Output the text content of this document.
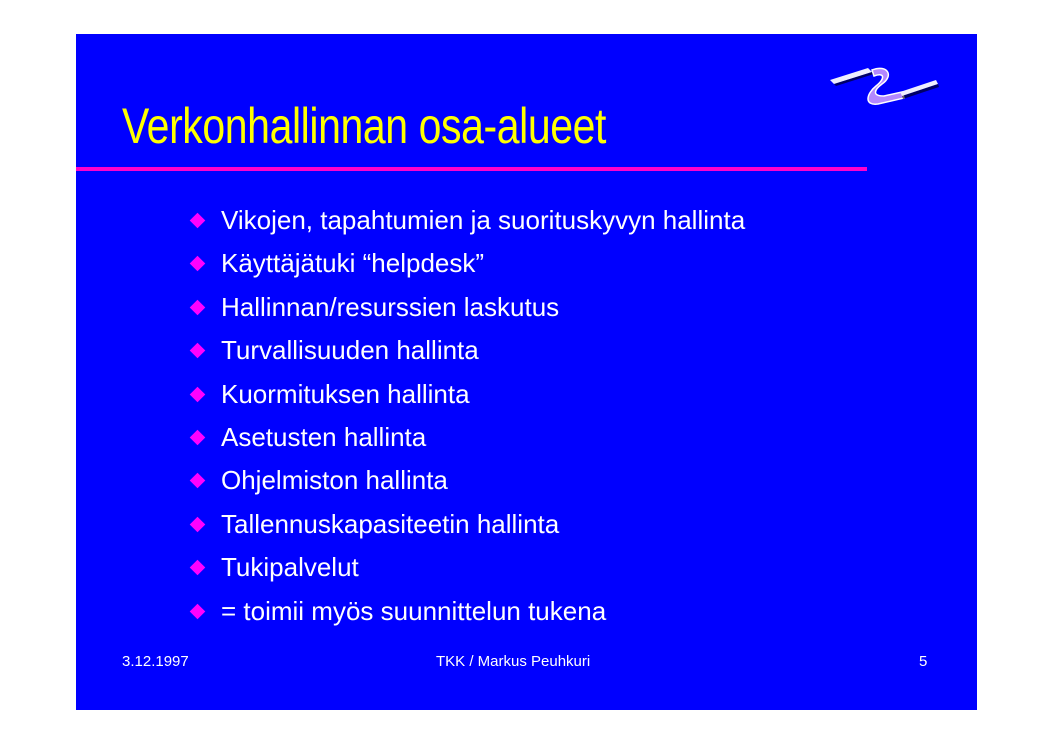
Verkonhallinnan osa-alueet
Vikojen, tapahtumien ja suorituskyvyn hallinta
Käyttäjätuki “helpdesk”
Hallinnan/resurssien laskutus
Turvallisuuden hallinta
Kuormituksen hallinta
Asetusten hallinta
Ohjelmiston hallinta
Tallennuskapasiteetin hallinta
Tukipalvelut
= toimii myös suunnittelun tukena
3.12.1997	TKK / Markus Peuhkuri	5
